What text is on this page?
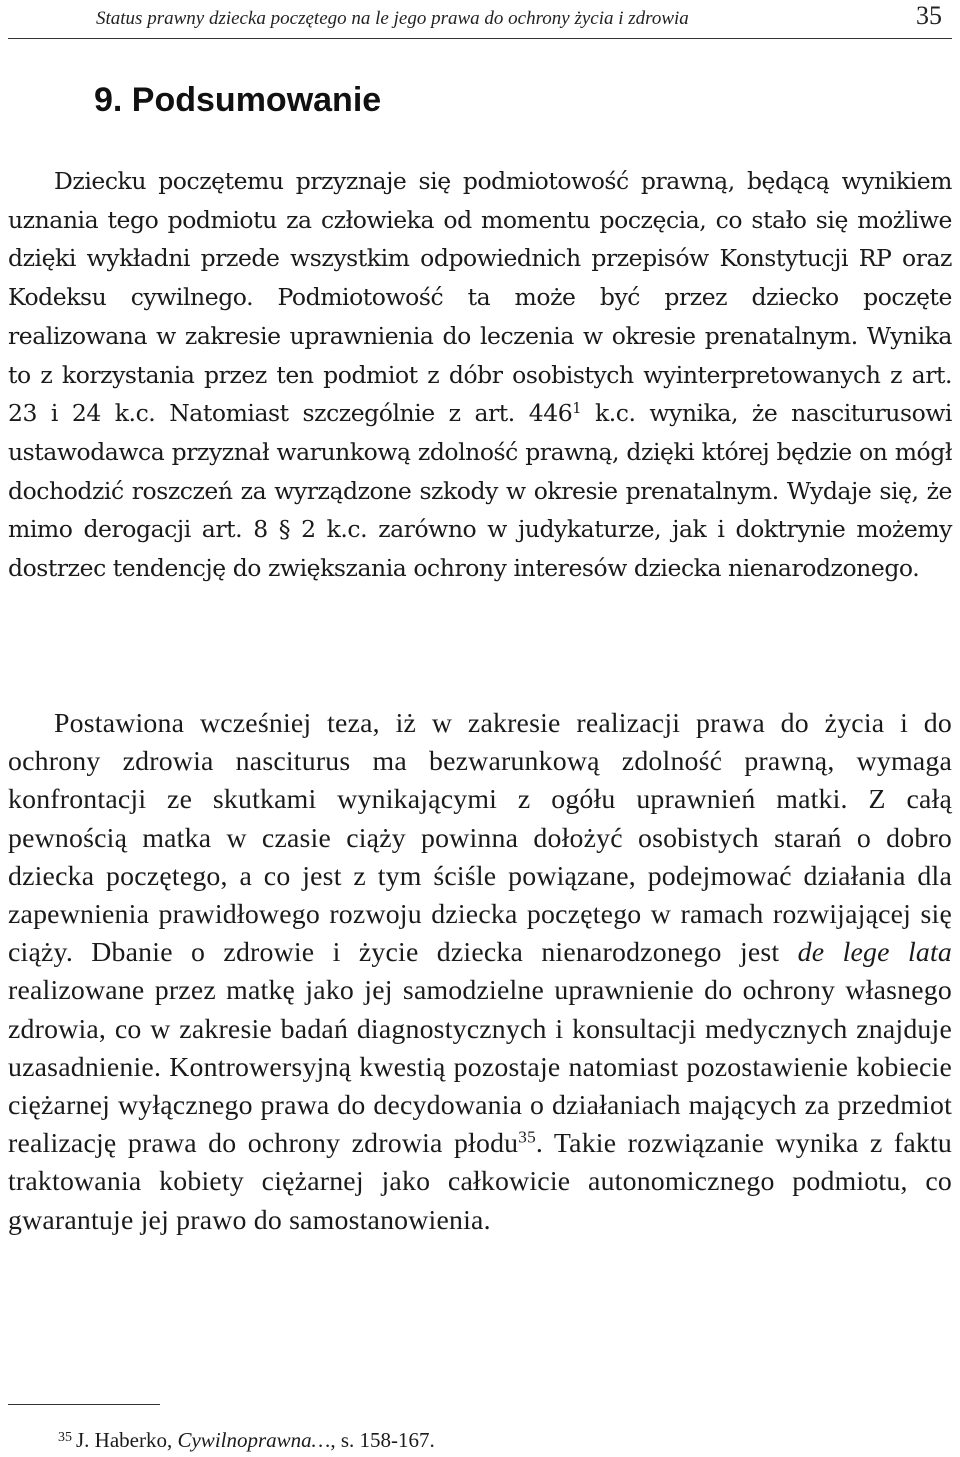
Status prawny dziecka poczętego na le jego prawa do ochrony życia i zdrowia	35
9. Podsumowanie

Dziecku poczętemu przyznaje się podmiotowość prawną, będącą wynikiem uznania tego podmiotu za człowieka od momentu poczęcia, co stało się możliwe dzięki wykładni przede wszystkim odpowiednich przepisów Konstytucji RP oraz Kodeksu cywilnego. Podmiotowość ta może być przez dziecko poczęte realizowana w zakresie uprawnienia do leczenia w okresie prenatalnym. Wynika to z korzystania przez ten podmiot z dóbr osobistych wyinterpretowanych z art. 23 i 24 k.c. Natomiast szczególnie z art. $446^1$ k.c. wynika, że nasciturusowi ustawodawca przyznał warunkową zdolność prawną, dzięki której będzie on mógł dochodzić roszczeń za wyrządzone szkody w okresie prenatalnym. Wydaje się, że mimo derogacji art. 8 § 2 k.c. zarówno w judykaturze, jak i doktrynie możemy dostrzec tendencję do zwiększania ochrony interesów dziecka nienarodzonego.

Postawiona wcześniej teza, iż w zakresie realizacji prawa do życia i do ochrony zdrowia nasciturus ma bezwarunkową zdolność prawną, wymaga konfrontacji ze skutkami wynikającymi z ogółu uprawnień matki. Z całą pewnością matka w czasie ciąży powinna dołożyć osobistych starań o dobro dziecka poczętego, a co jest z tym ściśle powiązane, podejmować działania dla zapewnienia prawidłowego rozwoju dziecka poczętego w ramach rozwijającej się ciąży. Dbanie o zdrowie i życie dziecka nienarodzonego jest de lege lata realizowane przez matkę jako jej samodzielne uprawnienie do ochrony własnego zdrowia, co w zakresie badań diagnostycznych i konsultacji medycznych znajduje uzasadnienie. Kontrowersyjną kwestią pozostaje natomiast pozostawienie kobiecie ciężarnej wyłącznego prawa do decydowania o działaniach mających za przedmiot realizację prawa do ochrony zdrowia płodu$^{35}$. Takie rozwiązanie wynika z faktu traktowania kobiety ciężarnej jako całkowicie autonomicznego podmiotu, co gwarantuje jej prawo do samostanowienia.

$^{35}$ J. Haberko, Cywilnoprawna…, s. 158-167.
